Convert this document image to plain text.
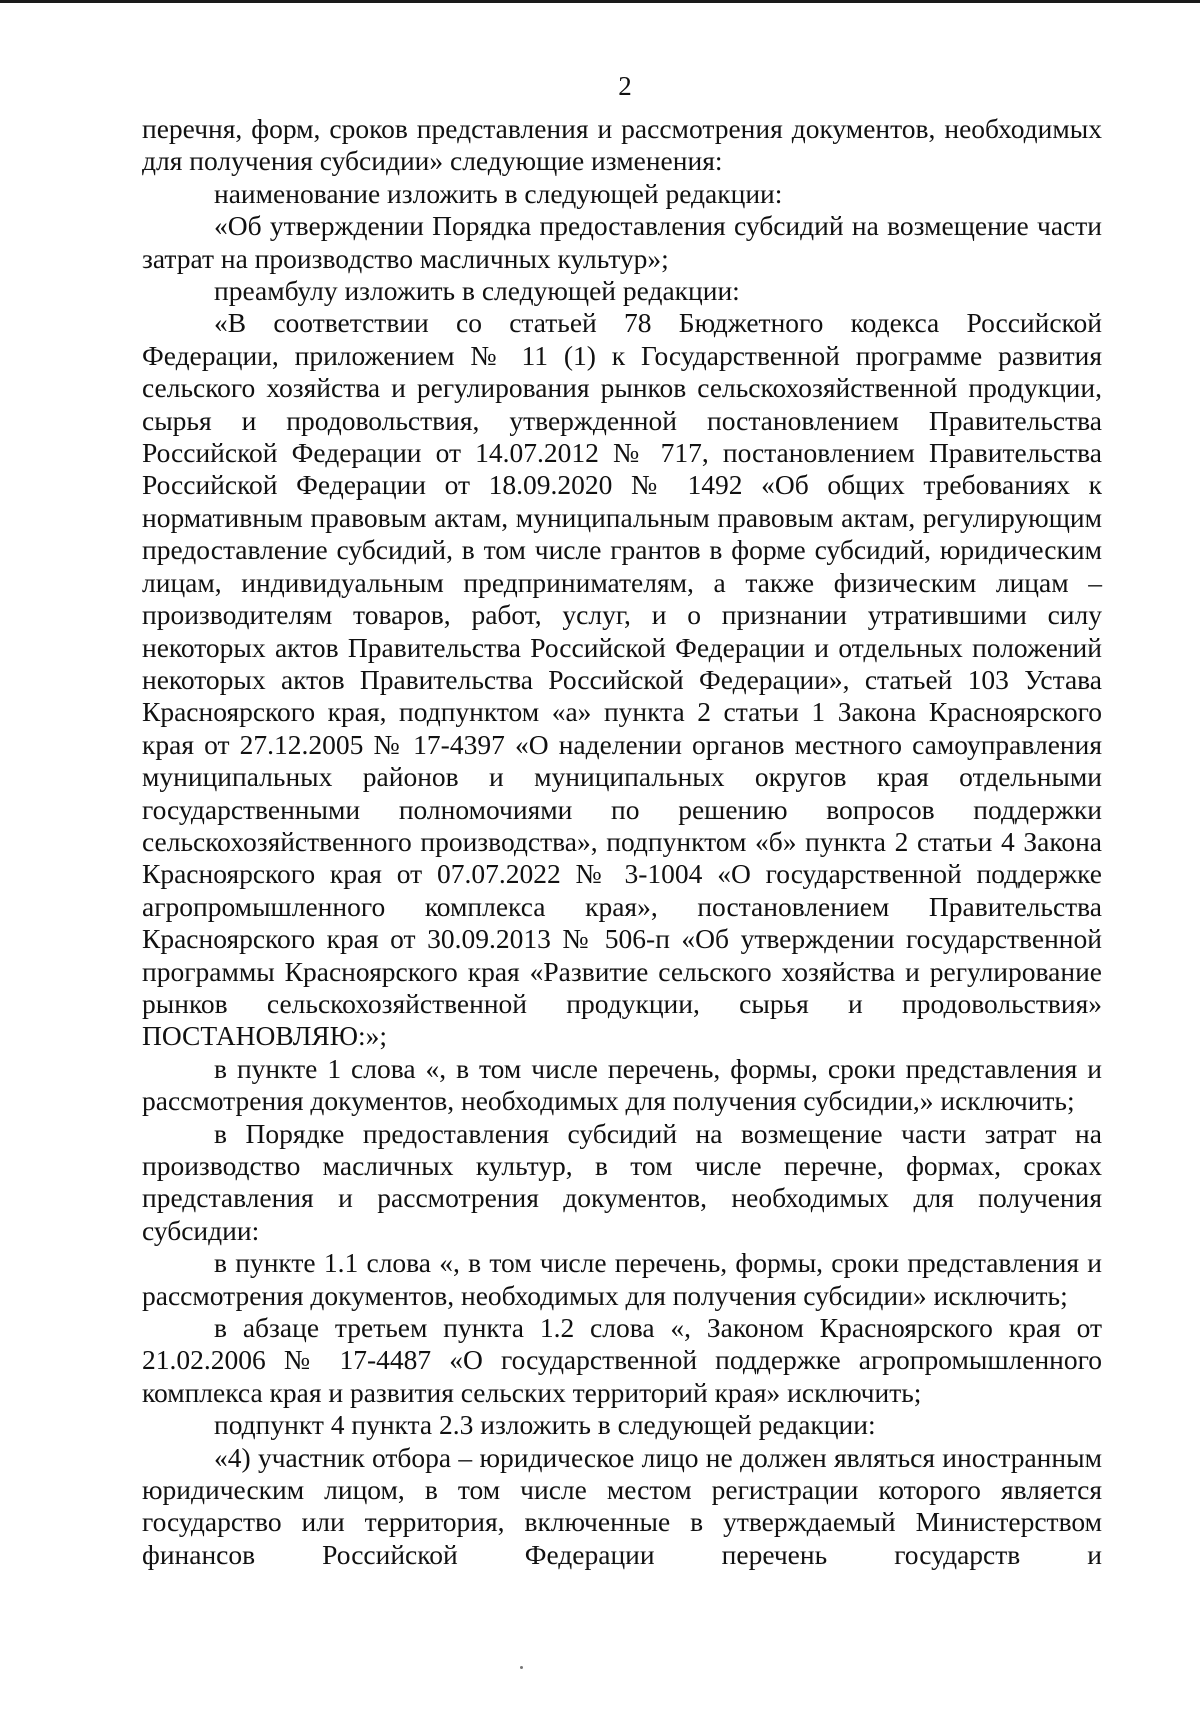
2

перечня, форм, сроков представления и рассмотрения документов, необходимых для получения субсидии» следующие изменения:

наименование изложить в следующей редакции:

«Об утверждении Порядка предоставления субсидий на возмещение части затрат на производство масличных культур»;

преамбулу изложить в следующей редакции:

«В соответствии со статьей 78 Бюджетного кодекса Российской Федерации, приложением № 11 (1) к Государственной программе развития сельского хозяйства и регулирования рынков сельскохозяйственной продукции, сырья и продовольствия, утвержденной постановлением Правительства Российской Федерации от 14.07.2012 № 717, постановлением Правительства Российской Федерации от 18.09.2020 № 1492 «Об общих требованиях к нормативным правовым актам, муниципальным правовым актам, регулирующим предоставление субсидий, в том числе грантов в форме субсидий, юридическим лицам, индивидуальным предпринимателям, а также физическим лицам – производителям товаров, работ, услуг, и о признании утратившими силу некоторых актов Правительства Российской Федерации и отдельных положений некоторых актов Правительства Российской Федерации», статьей 103 Устава Красноярского края, подпунктом «а» пункта 2 статьи 1 Закона Красноярского края от 27.12.2005 № 17-4397 «О наделении органов местного самоуправления муниципальных районов и муниципальных округов края отдельными государственными полномочиями по решению вопросов поддержки сельскохозяйственного производства», подпунктом «б» пункта 2 статьи 4 Закона Красноярского края от 07.07.2022 № 3-1004 «О государственной поддержке агропромышленного комплекса края», постановлением Правительства Красноярского края от 30.09.2013 № 506-п «Об утверждении государственной программы Красноярского края «Развитие сельского хозяйства и регулирование рынков сельскохозяйственной продукции, сырья и продовольствия» ПОСТАНОВЛЯЮ:»;

в пункте 1 слова «, в том числе перечень, формы, сроки представления и рассмотрения документов, необходимых для получения субсидии,» исключить;

в Порядке предоставления субсидий на возмещение части затрат на производство масличных культур, в том числе перечне, формах, сроках представления и рассмотрения документов, необходимых для получения субсидии:

в пункте 1.1 слова «, в том числе перечень, формы, сроки представления и рассмотрения документов, необходимых для получения субсидии» исключить;

в абзаце третьем пункта 1.2 слова «, Законом Красноярского края от 21.02.2006 № 17-4487 «О государственной поддержке агропромышленного комплекса края и развития сельских территорий края» исключить;

подпункт 4 пункта 2.3 изложить в следующей редакции:

«4) участник отбора – юридическое лицо не должен являться иностранным юридическим лицом, в том числе местом регистрации которого является государство или территория, включенные в утверждаемый Министерством финансов Российской Федерации перечень государств и
